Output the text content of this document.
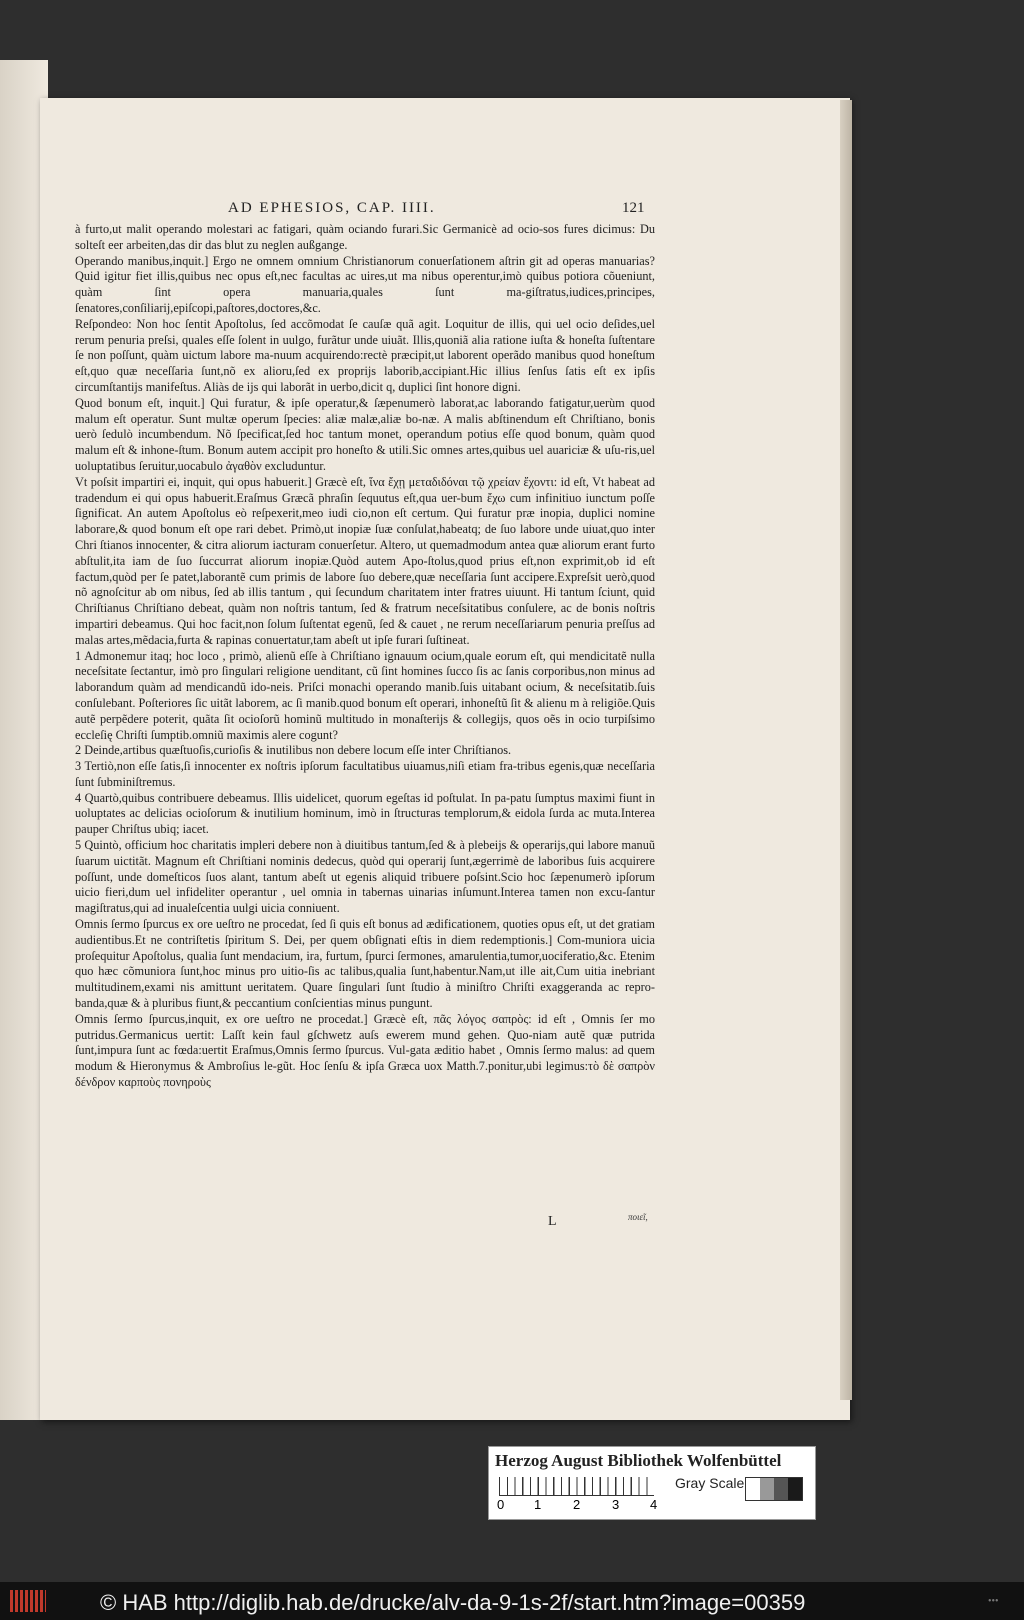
AD EPHESIOS, CAP. IIII.	121

à furto,ut malit operando molestari ac fatigari, quàm ociando furari.Sic Germanicè ad ocio-sos fures dicimus: Du solteſt eer arbeiten,das dir das blut zu neglen außgange.

Operando manibus,inquit.] Ergo ne omnem omnium Christianorum conuerſationem aſtrin git ad operas manuarias? Quid igitur fiet illis,quibus nec opus eſt,nec facultas ac uires,ut ma nibus operentur,imò quibus potiora cõueniunt, quàm ſint opera manuaria,quales ſunt ma-giſtratus,iudices,principes, ſenatores,conſiliarij,epiſcopi,paſtores,doctores,&c.

Reſpondeo: Non hoc ſentit Apoſtolus, ſed accõmodat ſe cauſæ quã agit. Loquitur de illis, qui uel ocio deſides,uel rerum penuria preſsi, quales eſſe ſolent in uulgo, furãtur unde uiuãt. Illis,quoniã alia ratione iuſta & honeſta ſuſtentare ſe non poſſunt, quàm uictum labore ma-nuum acquirendo:rectè præcipit,ut laborent operãdo manibus quod honeſtum eſt,quo quæ neceſſaria ſunt,nõ ex alioru,ſed ex proprijs laborib,accipiant.Hic illius ſenſus ſatis eſt ex ipſis circumſtantijs manifeſtus. Aliàs de ijs qui laborãt in uerbo,dicit q, duplici ſint honore digni.

Quod bonum eſt, inquit.] Qui furatur, & ipſe operatur,& ſæpenumerò laborat,ac laborando fatigatur,uerùm quod malum eſt operatur. Sunt multæ operum ſpecies: aliæ malæ,aliæ bo-næ. A malis abſtinendum eſt Chriſtiano, bonis uerò ſedulò incumbendum. Nõ ſpecificat,ſed hoc tantum monet, operandum potius eſſe quod bonum, quàm quod malum eſt & inhone-ſtum. Bonum autem accipit pro honeſto & utili.Sic omnes artes,quibus uel auariciæ & uſu-ris,uel uoluptatibus ſeruitur,uocabulo ἀγαθὸν excluduntur.

Vt poſsit impartiri ei, inquit, qui opus habuerit.] Græcè eſt, ἵνα ἔχῃ μεταδιδόναι τῷ χρείαν ἔχοντι: id eſt, Vt habeat ad tradendum ei qui opus habuerit.Eraſmus Græcã phraſin ſequutus eſt,qua uer-bum ἔχω cum infinitiuo iunctum poſſe ſignificat. An autem Apoſtolus eò reſpexerit,meo iudi cio,non eſt certum. Qui furatur præ inopia, duplici nomine laborare,& quod bonum eſt ope rari debet. Primò,ut inopiæ ſuæ conſulat,habeatq; de ſuo labore unde uiuat,quo inter Chri ſtianos innocenter, & citra aliorum iacturam conuerſetur. Altero, ut quemadmodum antea quæ aliorum erant furto abſtulit,ita iam de ſuo ſuccurrat aliorum inopiæ.Quòd autem Apo-ſtolus,quod prius eſt,non exprimit,ob id eſt factum,quòd per ſe patet,laborantẽ cum primis de labore ſuo debere,quæ neceſſaria ſunt accipere.Expreſsit uerò,quod nõ agnoſcitur ab om nibus, ſed ab illis tantum , qui ſecundum charitatem inter fratres uiuunt. Hi tantum ſciunt, quid Chriſtianus Chriſtiano debeat, quàm non noſtris tantum, ſed & fratrum neceſsitatibus conſulere, ac de bonis noſtris impartiri debeamus. Qui hoc facit,non ſolum ſuſtentat egenũ, ſed & cauet , ne rerum neceſſariarum penuria preſſus ad malas artes,mẽdacia,furta & rapinas conuertatur,tam abeſt ut ipſe furari ſuſtineat.

1 Admonemur itaq; hoc loco , primò, alienũ eſſe à Chriſtiano ignauum ocium,quale eorum eſt, qui mendicitatẽ nulla neceſsitate ſectantur, imò pro ſingulari religione uenditant, cũ ſint homines ſucco ſis ac ſanis corporibus,non minus ad laborandum quàm ad mendicandũ ido-neis. Priſci monachi operando manib.ſuis uitabant ocium, & neceſsitatib.ſuis conſulebant. Poſteriores ſic uitãt laborem, ac ſi manib.quod bonum eſt operari, inhoneſtũ ſit & alienu m à religiõe.Quis autẽ perpẽdere poterit, quãta ſit ocioſorũ hominũ multitudo in monaſterijs & collegijs, quos oẽs in ocio turpiſsimo eccleſię Chriſti ſumptib.omniũ maximis alere cogunt?

2 Deinde,artibus quæſtuoſis,curioſis & inutilibus non debere locum eſſe inter Chriſtianos.

3 Tertiò,non eſſe ſatis,ſi innocenter ex noſtris ipſorum facultatibus uiuamus,niſi etiam fra-tribus egenis,quæ neceſſaria ſunt ſubminiſtremus.

4 Quartò,quibus contribuere debeamus. Illis uidelicet, quorum egeſtas id poſtulat. In pa-patu ſumptus maximi fiunt in uoluptates ac delicias ocioſorum & inutilium hominum, imò in ſtructuras templorum,& eidola ſurda ac muta.Interea pauper Chriſtus ubiq; iacet.

5 Quintò, officium hoc charitatis impleri debere non à diuitibus tantum,ſed & à plebeijs & operarijs,qui labore manuũ ſuarum uictitãt. Magnum eſt Chriſtiani nominis dedecus, quòd qui operarij ſunt,ægerrimè de laboribus ſuis acquirere poſſunt, unde domeſticos ſuos alant, tantum abeſt ut egenis aliquid tribuere poſsint.Scio hoc ſæpenumerò ipſorum uicio fieri,dum uel infideliter operantur , uel omnia in tabernas uinarias inſumunt.Interea tamen non excu-ſantur magiſtratus,qui ad inualeſcentia uulgi uicia conniuent.

Omnis ſermo ſpurcus ex ore ueſtro ne procedat, ſed ſi quis eſt bonus ad ædificationem, quoties opus eſt, ut det gratiam audientibus.Et ne contriſtetis ſpiritum S. Dei, per quem obſignati eſtis in diem redemptionis.] Com-muniora uicia proſequitur Apoſtolus, qualia ſunt mendacium, ira, furtum, ſpurci ſermones, amarulentia,tumor,uociferatio,&c. Etenim quo hæc cõmuniora ſunt,hoc minus pro uitio-ſis ac talibus,qualia ſunt,habentur.Nam,ut ille ait,Cum uitia inebriant multitudinem,exami nis amittunt ueritatem. Quare ſingulari ſunt ſtudio à miniſtro Chriſti exaggeranda ac repro-banda,quæ & à pluribus fiunt,& peccantium conſcientias minus pungunt.

Omnis ſermo ſpurcus,inquit, ex ore ueſtro ne procedat.] Græcè eſt, πᾶς λόγος σαπρὸς: id eſt , Omnis ſer mo putridus.Germanicus uertit: Laſſt kein faul gſchwetz auſs ewerem mund gehen. Quo-niam autẽ quæ putrida ſunt,impura ſunt ac fœda:uertit Eraſmus,Omnis ſermo ſpurcus. Vul-gata æditio habet , Omnis ſermo malus: ad quem modum & Hieronymus & Ambroſius le-gũt. Hoc ſenſu & ipſa Græca uox Matth.7.ponitur,ubi legimus:τὸ δὲ σαπρὸν δένδρον καρποὺς πονηροὺς

L	ποιεῖ,
Herzog August Bibliothek Wolfenbüttel
0 1 2 3 4
Gray Scale
© HAB http://diglib.hab.de/drucke/alv-da-9-1s-2f/start.htm?image=00359	•••
